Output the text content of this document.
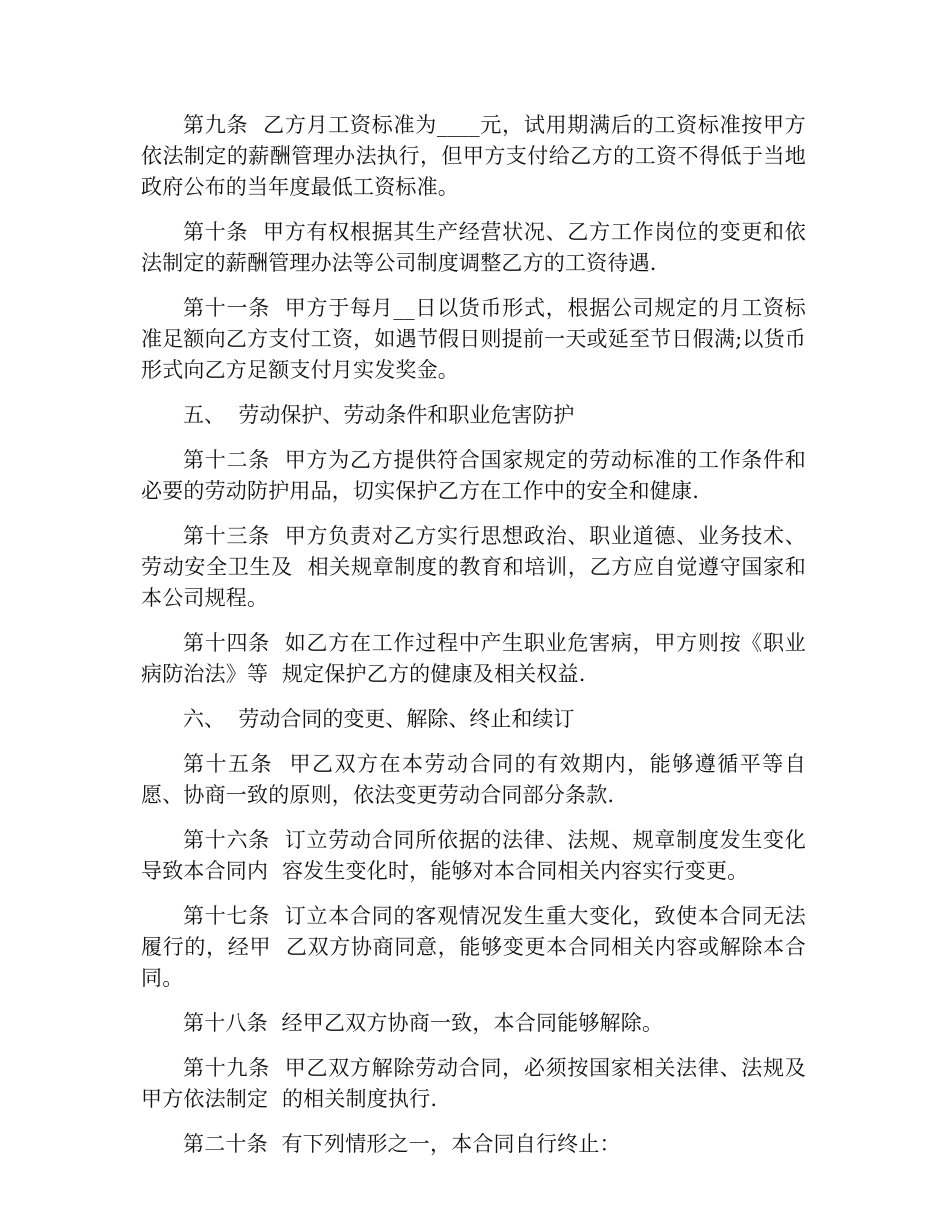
第九条  乙方月工资标准为____元，试用期满后的工资标准按甲方依法制定的薪酬管理办法执行，但甲方支付给乙方的工资不得低于当地政府公布的当年度最低工资标准。

第十条  甲方有权根据其生产经营状况、乙方工作岗位的变更和依法制定的薪酬管理办法等公司制度调整乙方的工资待遇.

第十一条  甲方于每月__日以货币形式，根据公司规定的月工资标准足额向乙方支付工资，如遇节假日则提前一天或延至节日假满;以货币形式向乙方足额支付月实发奖金。

五、  劳动保护、劳动条件和职业危害防护

第十二条  甲方为乙方提供符合国家规定的劳动标准的工作条件和必要的劳动防护用品，切实保护乙方在工作中的安全和健康.

第十三条  甲方负责对乙方实行思想政治、职业道德、业务技术、劳动安全卫生及  相关规章制度的教育和培训，乙方应自觉遵守国家和本公司规程。

第十四条  如乙方在工作过程中产生职业危害病，甲方则按《职业病防治法》等  规定保护乙方的健康及相关权益.

六、  劳动合同的变更、解除、终止和续订

第十五条  甲乙双方在本劳动合同的有效期内，能够遵循平等自愿、协商一致的原则，依法变更劳动合同部分条款.

第十六条  订立劳动合同所依据的法律、法规、规章制度发生变化导致本合同内  容发生变化时，能够对本合同相关内容实行变更。

第十七条  订立本合同的客观情况发生重大变化，致使本合同无法履行的，经甲  乙双方协商同意，能够变更本合同相关内容或解除本合同。

第十八条  经甲乙双方协商一致，本合同能够解除。

第十九条  甲乙双方解除劳动合同，必须按国家相关法律、法规及甲方依法制定  的相关制度执行.

第二十条  有下列情形之一，本合同自行终止：
